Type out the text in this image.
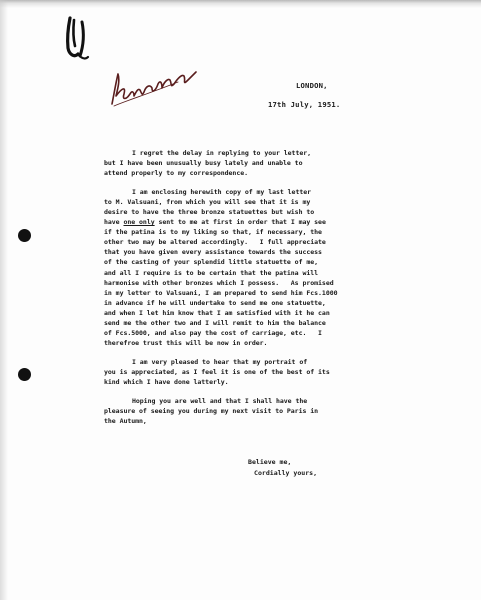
LONDON,
17th July, 1951.
I regret the delay in replying to your letter,
but I have been unusually busy lately and unable to
attend properly to my correspondence.
I am enclosing herewith copy of my last letter
to M. Valsuani, from which you will see that it is my
desire to have the three bronze statuettes but wish to
have one only sent to me at first in order that I may see
if the patina is to my liking so that, if necessary, the
other two may be altered accordingly.   I full appreciate
that you have given every assistance towards the success
of the casting of your splendid little statuette of me,
and all I require is to be certain that the patina will
harmonise with other bronzes which I possess.   As promised
in my letter to Valsuani, I am prepared to send him Fcs.1000
in advance if he will undertake to send me one statuette,
and when I let him know that I am satisfied with it he can
send me the other two and I will remit to him the balance
of Fcs.5000, and also pay the cost of carriage, etc.   I
therefroe trust this will be now in order.
I am very pleased to hear that my portrait of
you is appreciated, as I feel it is one of the best of its
kind which I have done latterly.
Hoping you are well and that I shall have the
pleasure of seeing you during my next visit to Paris in
the Autumn,
Believe me,
Cordially yours,
